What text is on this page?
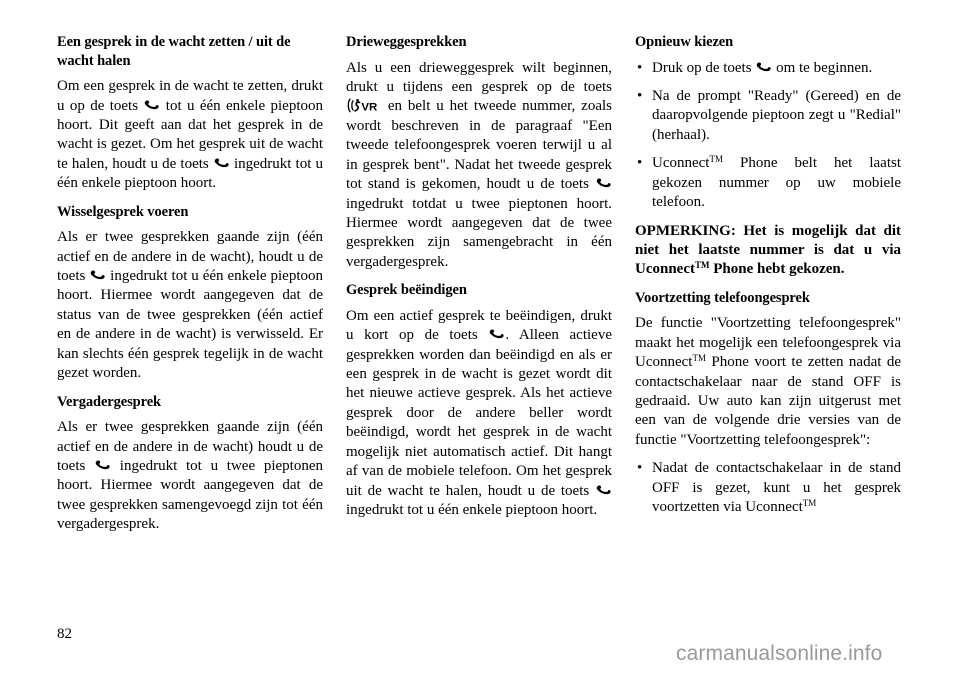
Een gesprek in de wacht zetten / uit de wacht halen

Om een gesprek in de wacht te zetten, drukt u op de toets
tot u één enkele pieptoon hoort. Dit geeft aan dat het gesprek in de wacht is gezet. Om het gesprek uit de wacht te halen, houdt u de toets
ingedrukt tot u één enkele pieptoon hoort.

Wisselgesprek voeren

Als er twee gesprekken gaande zijn (één actief en de andere in de wacht), houdt u de toets
ingedrukt tot u één enkele pieptoon hoort. Hiermee wordt aangegeven dat de status van de twee gesprekken (één actief en de andere in de wacht) is verwisseld. Er kan slechts één gesprek tegelijk in de wacht gezet worden.

Vergadergesprek

Als er twee gesprekken gaande zijn (één actief en de andere in de wacht) houdt u de toets
ingedrukt tot u twee pieptonen hoort. Hiermee wordt aangegeven dat de twee gesprekken samengevoegd zijn tot één vergadergesprek.

Drieweggesprekken

Als u een drieweggesprek wilt beginnen, drukt u tijdens een gesprek op de toets
VR en belt u het tweede nummer, zoals wordt beschreven in de paragraaf "Een tweede telefoongesprek voeren terwijl u al in gesprek bent". Nadat het tweede gesprek tot stand is gekomen, houdt u de toets
ingedrukt totdat u twee pieptonen hoort. Hiermee wordt aangegeven dat de twee gesprekken zijn samengebracht in één vergadergesprek.

Gesprek beëindigen

Om een actief gesprek te beëindigen, drukt u kort op de toets
. Alleen actieve gesprekken worden dan beëindigd en als er een gesprek in de wacht is gezet wordt dit het nieuwe actieve gesprek. Als het actieve gesprek door de andere beller wordt beëindigd, wordt het gesprek in de wacht mogelijk niet automatisch actief. Dit hangt af van de mobiele telefoon. Om het gesprek uit de wacht te halen, houdt u de toets
ingedrukt tot u één enkele pieptoon hoort.

Opnieuw kiezen
• Druk op de toets
om te beginnen.
• Na de prompt "Ready" (Gereed) en de daaropvolgende pieptoon zegt u "Redial" (herhaal).
• Uconnect™ Phone belt het laatst gekozen nummer op uw mobiele telefoon.

OPMERKING: Het is mogelijk dat dit niet het laatste nummer is dat u via Uconnect™ Phone hebt gekozen.

Voortzetting telefoongesprek

De functie "Voortzetting telefoongesprek" maakt het mogelijk een telefoongesprek via Uconnect™ Phone voort te zetten nadat de contactschakelaar naar de stand OFF is gedraaid. Uw auto kan zijn uitgerust met een van de volgende drie versies van de functie "Voortzetting telefoongesprek":

• Nadat de contactschakelaar in de stand OFF is gezet, kunt u het gesprek voortzetten via Uconnect™
82
carmanualsonline.info
